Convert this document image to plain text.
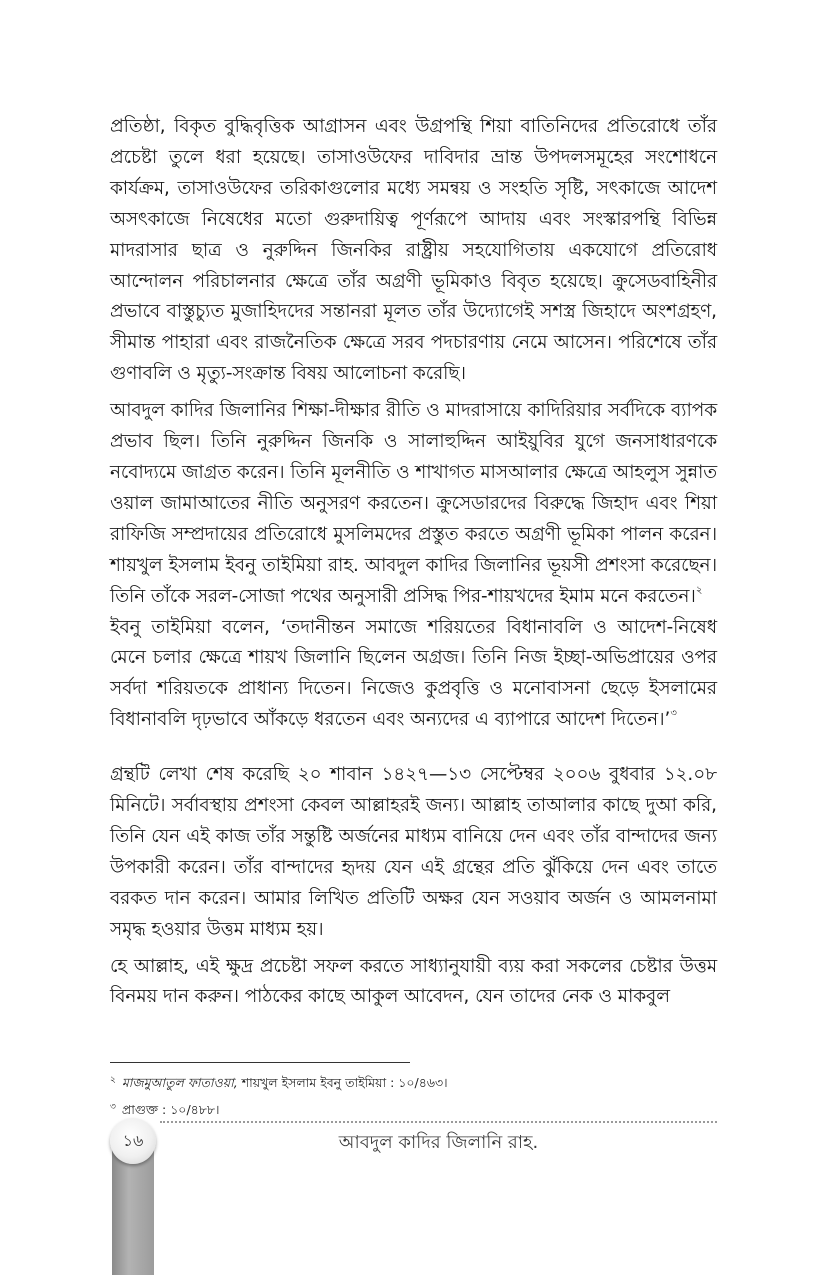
প্রতিষ্ঠা, বিকৃত বুদ্ধিবৃত্তিক আগ্রাসন এবং উগ্রপন্থি শিয়া বাতিনিদের প্রতিরোধে তাঁর প্রচেষ্টা তুলে ধরা হয়েছে। তাসাওউফের দাবিদার ভ্রান্ত উপদলসমূহের সংশোধনে কার্যক্রম, তাসাওউফের তরিকাগুলোর মধ্যে সমন্বয় ও সংহতি সৃষ্টি, সৎকাজে আদেশ অসৎকাজে নিষেধের মতো গুরুদায়িত্ব পূর্ণরূপে আদায় এবং সংস্কারপন্থি বিভিন্ন মাদরাসার ছাত্র ও নুরুদ্দিন জিনকির রাষ্ট্রীয় সহযোগিতায় একযোগে প্রতিরোধ আন্দোলন পরিচালনার ক্ষেত্রে তাঁর অগ্রণী ভূমিকাও বিবৃত হয়েছে। ক্রুসেডবাহিনীর প্রভাবে বাস্তুচ্যুত মুজাহিদদের সন্তানরা মূলত তাঁর উদ্যোগেই সশস্ত্র জিহাদে অংশগ্রহণ, সীমান্ত পাহারা এবং রাজনৈতিক ক্ষেত্রে সরব পদচারণায় নেমে আসেন। পরিশেষে তাঁর গুণাবলি ও মৃত্যু-সংক্রান্ত বিষয় আলোচনা করেছি।

আবদুল কাদির জিলানির শিক্ষা-দীক্ষার রীতি ও মাদরাসায়ে কাদিরিয়ার সর্বদিকে ব্যাপক প্রভাব ছিল। তিনি নুরুদ্দিন জিনকি ও সালাহুদ্দিন আইয়ুবির যুগে জনসাধারণকে নবোদ্যমে জাগ্রত করেন। তিনি মূলনীতি ও শাখাগত মাসআলার ক্ষেত্রে আহলুস সুন্নাত ওয়াল জামাআতের নীতি অনুসরণ করতেন। ক্রুসেডারদের বিরুদ্ধে জিহাদ এবং শিয়া রাফিজি সম্প্রদায়ের প্রতিরোধে মুসলিমদের প্রস্তুত করতে অগ্রণী ভূমিকা পালন করেন। শায়খুল ইসলাম ইবনু তাইমিয়া রাহ. আবদুল কাদির জিলানির ভূয়সী প্রশংসা করেছেন। তিনি তাঁকে সরল-সোজা পথের অনুসারী প্রসিদ্ধ পির-শায়খদের ইমাম মনে করতেন।$^২$

ইবনু তাইমিয়া বলেন, ‘তদানীন্তন সমাজে শরিয়তের বিধানাবলি ও আদেশ-নিষেধ মেনে চলার ক্ষেত্রে শায়খ জিলানি ছিলেন অগ্রজ। তিনি নিজ ইচ্ছা-অভিপ্রায়ের ওপর সর্বদা শরিয়তকে প্রাধান্য দিতেন। নিজেও কুপ্রবৃত্তি ও মনোবাসনা ছেড়ে ইসলামের বিধানাবলি দৃঢ়ভাবে আঁকড়ে ধরতেন এবং অন্যদের এ ব্যাপারে আদেশ দিতেন।’$^৩$

গ্রন্থটি লেখা শেষ করেছি ২০ শাবান ১৪২৭—১৩ সেপ্টেম্বর ২০০৬ বুধবার ১২.০৮ মিনিটে। সর্বাবস্থায় প্রশংসা কেবল আল্লাহরই জন্য। আল্লাহ তাআলার কাছে দুআ করি, তিনি যেন এই কাজ তাঁর সন্তুষ্টি অর্জনের মাধ্যম বানিয়ে দেন এবং তাঁর বান্দাদের জন্য উপকারী করেন। তাঁর বান্দাদের হৃদয় যেন এই গ্রন্থের প্রতি ঝুঁকিয়ে দেন এবং তাতে বরকত দান করেন। আমার লিখিত প্রতিটি অক্ষর যেন সওয়াব অর্জন ও আমলনামা সমৃদ্ধ হওয়ার উত্তম মাধ্যম হয়।

হে আল্লাহ, এই ক্ষুদ্র প্রচেষ্টা সফল করতে সাধ্যানুযায়ী ব্যয় করা সকলের চেষ্টার উত্তম বিনময় দান করুন। পাঠকের কাছে আকুল আবেদন, যেন তাদের নেক ও মাকবুল

$^২$ মাজমুআতুল ফাতাওয়া, শায়খুল ইসলাম ইবনু তাইমিয়া : ১০/৪৬৩।
$^৩$ প্রাগুক্ত : ১০/৪৮৮।
আবদুল কাদির জিলানি রাহ.
১৬
